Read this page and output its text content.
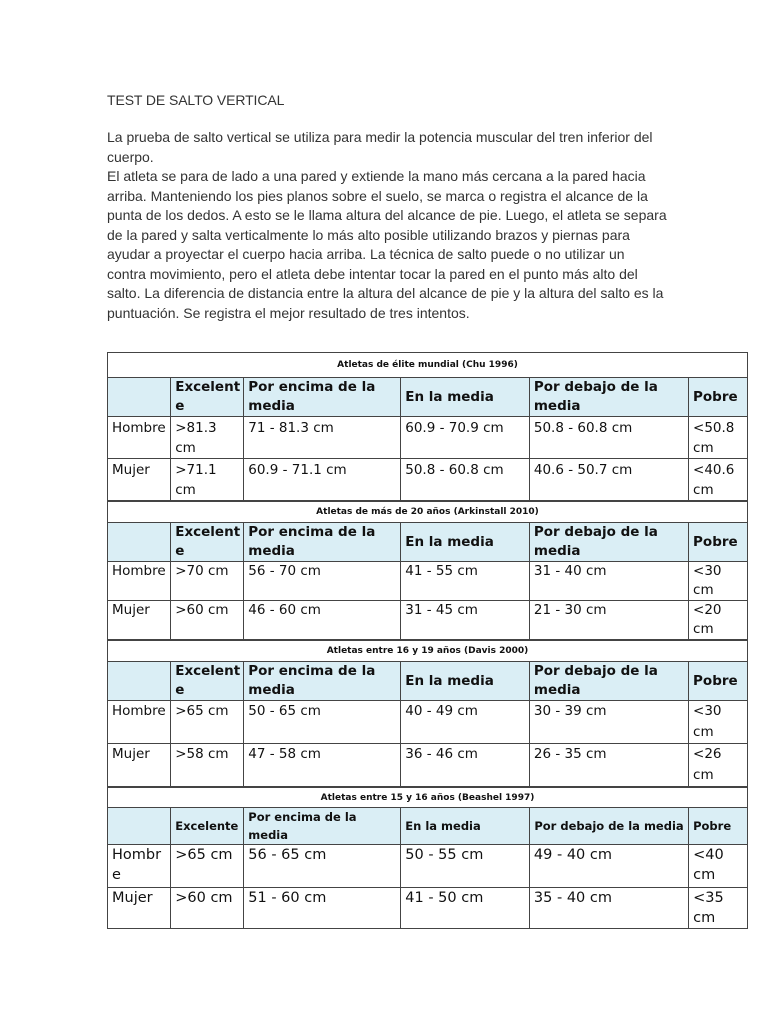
TEST DE SALTO VERTICAL

La prueba de salto vertical se utiliza para medir la potencia muscular del tren inferior del cuerpo.

El atleta se para de lado a una pared y extiende la mano más cercana a la pared hacia arriba. Manteniendo los pies planos sobre el suelo, se marca o registra el alcance de la punta de los dedos. A esto se le llama altura del alcance de pie. Luego, el atleta se separa de la pared y salta verticalmente lo más alto posible utilizando brazos y piernas para ayudar a proyectar el cuerpo hacia arriba. La técnica de salto puede o no utilizar un contra movimiento, pero el atleta debe intentar tocar la pared en el punto más alto del salto. La diferencia de distancia entre la altura del alcance de pie y la altura del salto es la puntuación. Se registra el mejor resultado de tres intentos.

Atletas de élite mundial (Chu 1996)					
	Excelent e	Por encima de la media	En la media	Por debajo de la media	Pobre
Hombre	>81.3 cm	71 - 81.3 cm	60.9 - 70.9 cm	50.8 - 60.8 cm	<50.8 cm
Mujer	>71.1 cm	60.9 - 71.1 cm	50.8 - 60.8 cm	40.6 - 50.7 cm	<40.6 cm
Atletas de más de 20 años (Arkinstall 2010)					
	Excelent e	Por encima de la media	En la media	Por debajo de la media	Pobre
Hombre	>70 cm	56 - 70 cm	41 - 55 cm	31 - 40 cm	<30 cm
Mujer	>60 cm	46 - 60 cm	31 - 45 cm	21 - 30 cm	<20 cm
Atletas entre 16 y 19 años (Davis 2000)					
	Excelent e	Por encima de la media	En la media	Por debajo de la media	Pobre
Hombre	>65 cm	50 - 65 cm	40 - 49 cm	30 - 39 cm	<30 cm
Mujer	>58 cm	47 - 58 cm	36 - 46 cm	26 - 35 cm	<26 cm
Atletas entre 15 y 16 años (Beashel 1997)					
	Excelente	Por encima de la media	En la media	Por debajo de la media	Pobre
Hombr e	>65 cm	56 - 65 cm	50 - 55 cm	49 - 40 cm	<40 cm
Mujer	>60 cm	51 - 60 cm	41 - 50 cm	35 - 40 cm	<35 cm
